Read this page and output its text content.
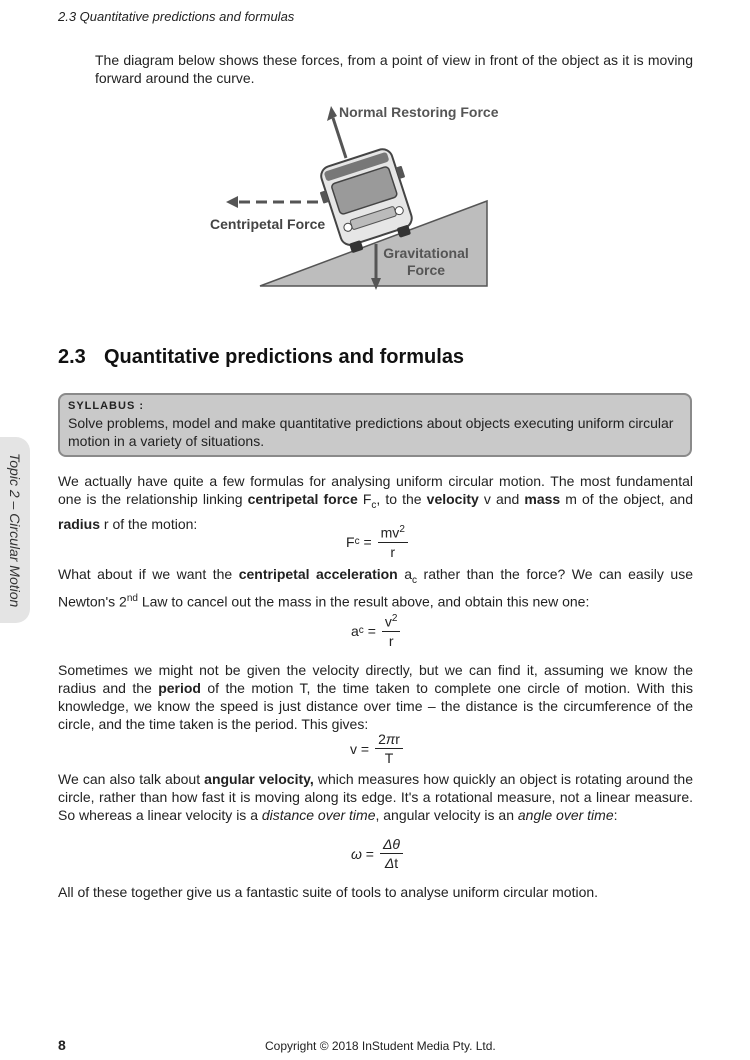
2.3 Quantitative predictions and formulas
The diagram below shows these forces, from a point of view in front of the object as it is moving forward around the curve.
Normal Restoring Force
Centripetal Force
Gravitational
Force
2.3 Quantitative predictions and formulas
SYLLABUS :
Solve problems, model and make quantitative predictions about objects executing uniform circular motion in a variety of situations.
Topic 2 – Circular Motion	We actually have quite a few formulas for analysing uniform circular motion. The most fundamental one is the relationship linking centripetal force $F_c$, to the velocity v and mass m of the object, and radius r of the motion:
F c
= $\frac{mv^2}{r}$
What about if we want the centripetal acceleration $a_c$ rather than the force? We can easily use Newton's 2nd Law to cancel out the mass in the result above, and obtain this new one:
a c
= $\frac{v^2}{r}$
Sometimes we might not be given the velocity directly, but we can find it, assuming we know the radius and the period of the motion T, the time taken to complete one circle of motion. With this knowledge, we know the speed is just distance over time – the distance is the circumference of the circle, and the time taken is the period. This gives:
v
= $\frac{2\pi r}{T}$
We can also talk about angular velocity, which measures how quickly an object is rotating around the circle, rather than how fast it is moving along its edge. It's a rotational measure, not a linear measure. So whereas a linear velocity is a distance over time, angular velocity is an angle over time:
ω
= $\frac{\Delta\theta}{\Delta t}$
All of these together give us a fantastic suite of tools to analyse uniform circular motion.
8	Copyright © 2018 InStudent Media Pty. Ltd.
